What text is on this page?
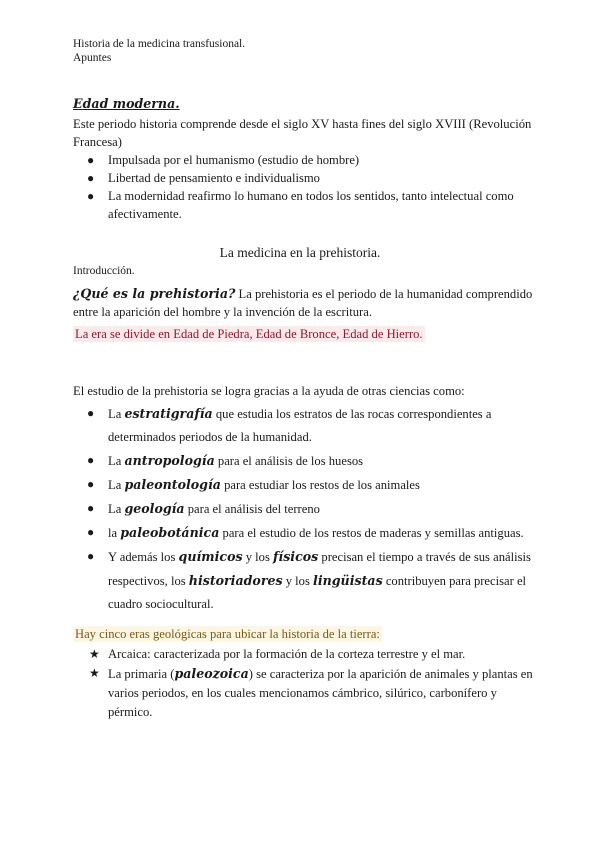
Historia de la medicina transfusional.
Apuntes
Edad moderna.
Este periodo historia comprende desde el siglo XV hasta fines del siglo XVIII (Revolución Francesa)
● Impulsada por el humanismo (estudio de hombre)
● Libertad de pensamiento e individualismo
● La modernidad reafirmo lo humano en todos los sentidos, tanto intelectual como afectivamente.
La medicina en la prehistoria.
Introducción.
¿Qué es la prehistoria? La prehistoria es el periodo de la humanidad comprendido entre la aparición del hombre y la invención de la escritura.
La era se divide en Edad de Piedra, Edad de Bronce, Edad de Hierro.
El estudio de la prehistoria se logra gracias a la ayuda de otras ciencias como:
● La estratigrafía que estudia los estratos de las rocas correspondientes a determinados periodos de la humanidad.
● La antropología para el análisis de los huesos
● La paleontología para estudiar los restos de los animales
● La geología para el análisis del terreno
● la paleobotánica para el estudio de los restos de maderas y semillas antiguas.
● Y además los químicos y los físicos precisan el tiempo a través de sus análisis respectivos, los historiadores y los lingüistas contribuyen para precisar el cuadro sociocultural.
Hay cinco eras geológicas para ubicar la historia de la tierra:
★ Arcaica: caracterizada por la formación de la corteza terrestre y el mar.
★ La primaria (paleozoica) se caracteriza por la aparición de animales y plantas en varios periodos, en los cuales mencionamos cámbrico, silúrico, carbonífero y pérmico.
